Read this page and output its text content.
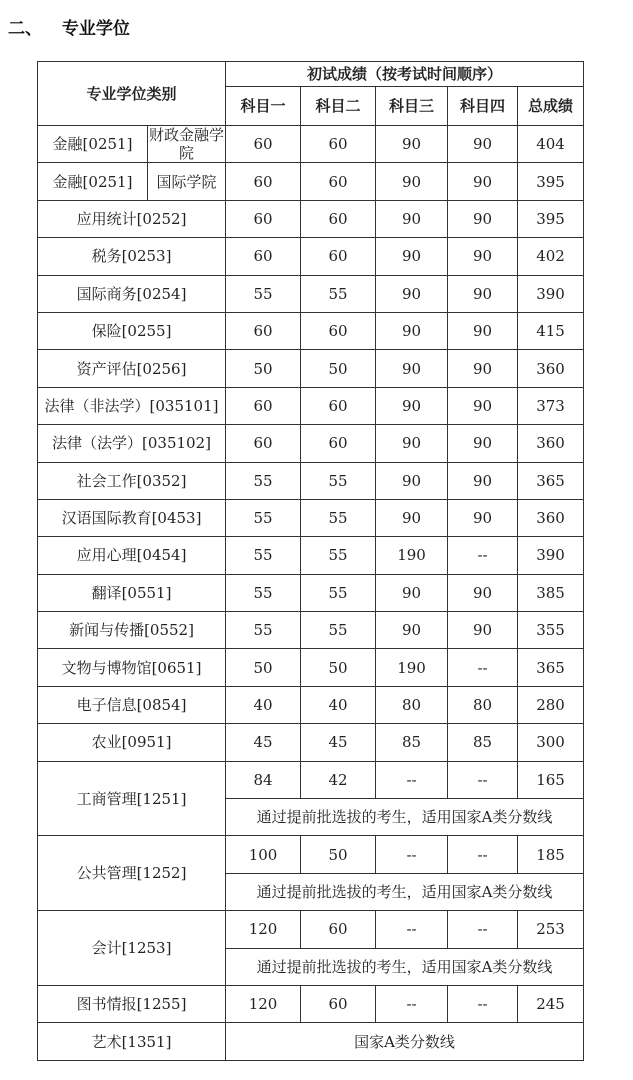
二、 专业学位
专业学位类别		初试成绩（按考试时间顺序）				
		科目一	科目二	科目三	科目四	总成绩
金融[0251]	财政金融学院	60	60	90	90	404
金融[0251]	国际学院	60	60	90	90	395
应用统计[0252]		60	60	90	90	395
税务[0253]		60	60	90	90	402
国际商务[0254]		55	55	90	90	390
保险[0255]		60	60	90	90	415
资产评估[0256]		50	50	90	90	360
法律（非法学）[035101]		60	60	90	90	373
法律（法学）[035102]		60	60	90	90	360
社会工作[0352]		55	55	90	90	365
汉语国际教育[0453]		55	55	90	90	360
应用心理[0454]		55	55	190	--	390
翻译[0551]		55	55	90	90	385
新闻与传播[0552]		55	55	90	90	355
文物与博物馆[0651]		50	50	190	--	365
电子信息[0854]		40	40	80	80	280
农业[0951]		45	45	85	85	300
工商管理[1251]		84	42	--	--	165
		通过提前批选拔的考生，适用国家A类分数线				
公共管理[1252]		100	50	--	--	185
		通过提前批选拔的考生，适用国家A类分数线				
会计[1253]		120	60	--	--	253
		通过提前批选拔的考生，适用国家A类分数线				
图书情报[1255]		120	60	--	--	245
艺术[1351]		国家A类分数线				
